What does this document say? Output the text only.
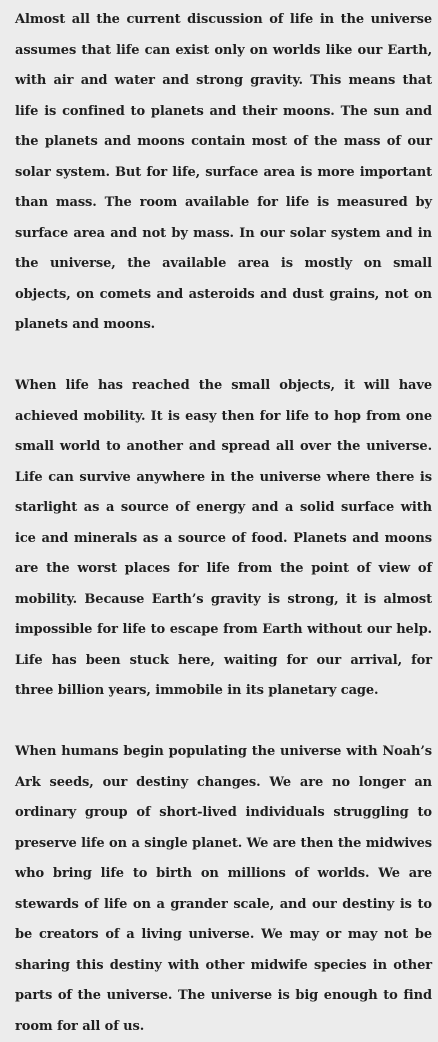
Almost all the current discussion of life in the universe assumes that life can exist only on worlds like our Earth, with air and water and strong gravity. This means that life is confined to planets and their moons. The sun and the planets and moons contain most of the mass of our solar system. But for life, surface area is more important than mass. The room available for life is measured by surface area and not by mass. In our solar system and in the universe, the available area is mostly on small objects, on comets and asteroids and dust grains, not on planets and moons.

When life has reached the small objects, it will have achieved mobility. It is easy then for life to hop from one small world to another and spread all over the universe. Life can survive anywhere in the universe where there is starlight as a source of energy and a solid surface with ice and minerals as a source of food. Planets and moons are the worst places for life from the point of view of mobility. Because Earth’s gravity is strong, it is almost impossible for life to escape from Earth without our help. Life has been stuck here, waiting for our arrival, for three billion years, immobile in its planetary cage.

When humans begin populating the universe with Noah’s Ark seeds, our destiny changes. We are no longer an ordinary group of short-lived individuals struggling to preserve life on a single planet. We are then the midwives who bring life to birth on millions of worlds. We are stewards of life on a grander scale, and our destiny is to be creators of a living universe. We may or may not be sharing this destiny with other midwife species in other parts of the universe. The universe is big enough to find room for all of us.
